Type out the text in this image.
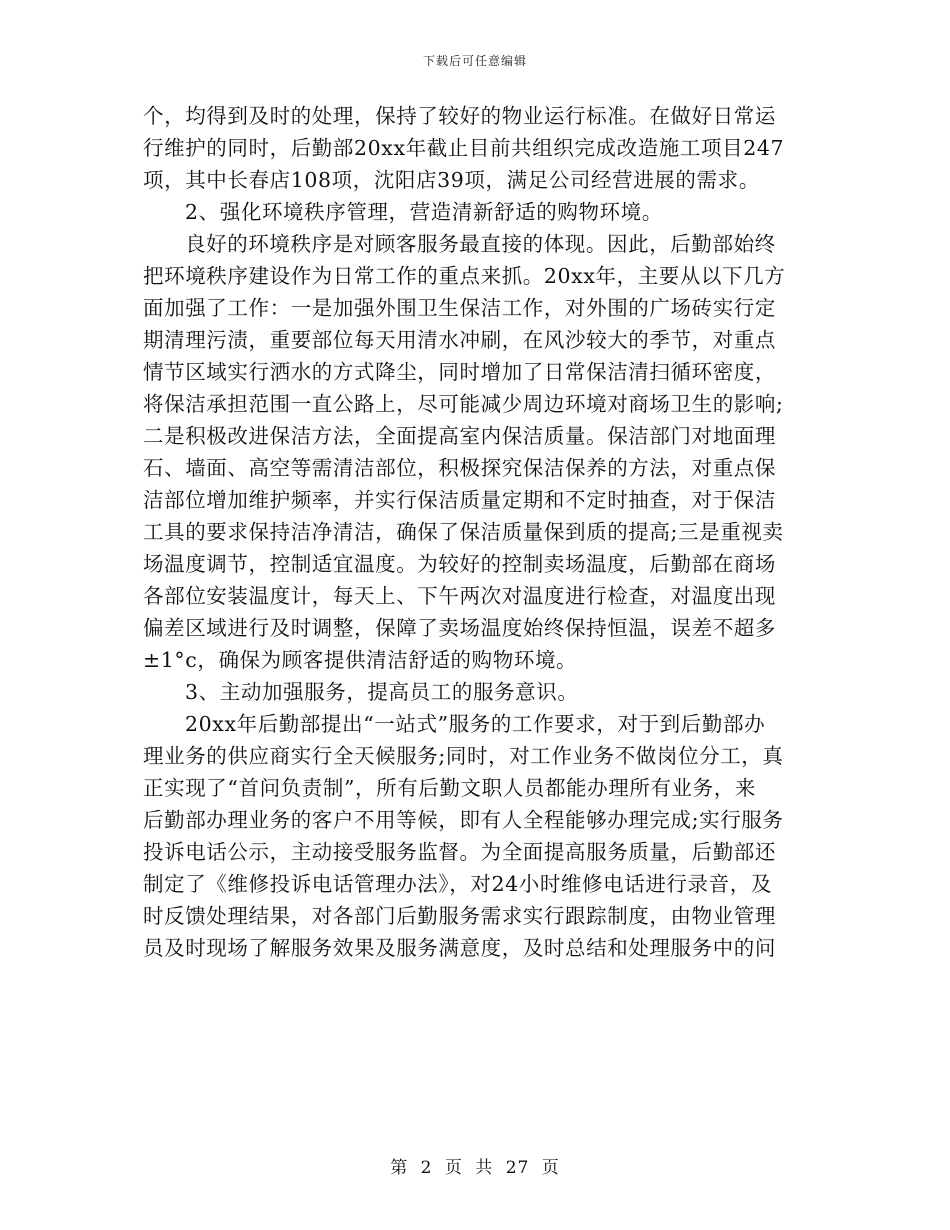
下载后可任意编辑
个，均得到及时的处理，保持了较好的物业运行标准。在做好日常运
行维护的同时，后勤部20xx年截止目前共组织完成改造施工项目247
项，其中长春店108项，沈阳店39项，满足公司经营进展的需求。
2、强化环境秩序管理，营造清新舒适的购物环境。
良好的环境秩序是对顾客服务最直接的体现。因此，后勤部始终
把环境秩序建设作为日常工作的重点来抓。20xx年，主要从以下几方
面加强了工作：一是加强外围卫生保洁工作，对外围的广场砖实行定
期清理污渍，重要部位每天用清水冲刷，在风沙较大的季节，对重点
情节区域实行洒水的方式降尘，同时增加了日常保洁清扫循环密度，
将保洁承担范围一直公路上，尽可能减少周边环境对商场卫生的影响;
二是积极改进保洁方法，全面提高室内保洁质量。保洁部门对地面理
石、墙面、高空等需清洁部位，积极探究保洁保养的方法，对重点保
洁部位增加维护频率，并实行保洁质量定期和不定时抽查，对于保洁
工具的要求保持洁净清洁，确保了保洁质量保到质的提高;三是重视卖
场温度调节，控制适宜温度。为较好的控制卖场温度，后勤部在商场
各部位安装温度计，每天上、下午两次对温度进行检查，对温度出现
偏差区域进行及时调整，保障了卖场温度始终保持恒温，误差不超多
±1°c，确保为顾客提供清洁舒适的购物环境。
3、主动加强服务，提高员工的服务意识。
20xx年后勤部提出“一站式”服务的工作要求，对于到后勤部办
理业务的供应商实行全天候服务;同时，对工作业务不做岗位分工，真
正实现了“首问负责制”，所有后勤文职人员都能办理所有业务，来
后勤部办理业务的客户不用等候，即有人全程能够办理完成;实行服务
投诉电话公示，主动接受服务监督。为全面提高服务质量，后勤部还
制定了《维修投诉电话管理办法》，对24小时维修电话进行录音，及
时反馈处理结果，对各部门后勤服务需求实行跟踪制度，由物业管理
员及时现场了解服务效果及服务满意度，及时总结和处理服务中的问
第 2 页 共 27 页
